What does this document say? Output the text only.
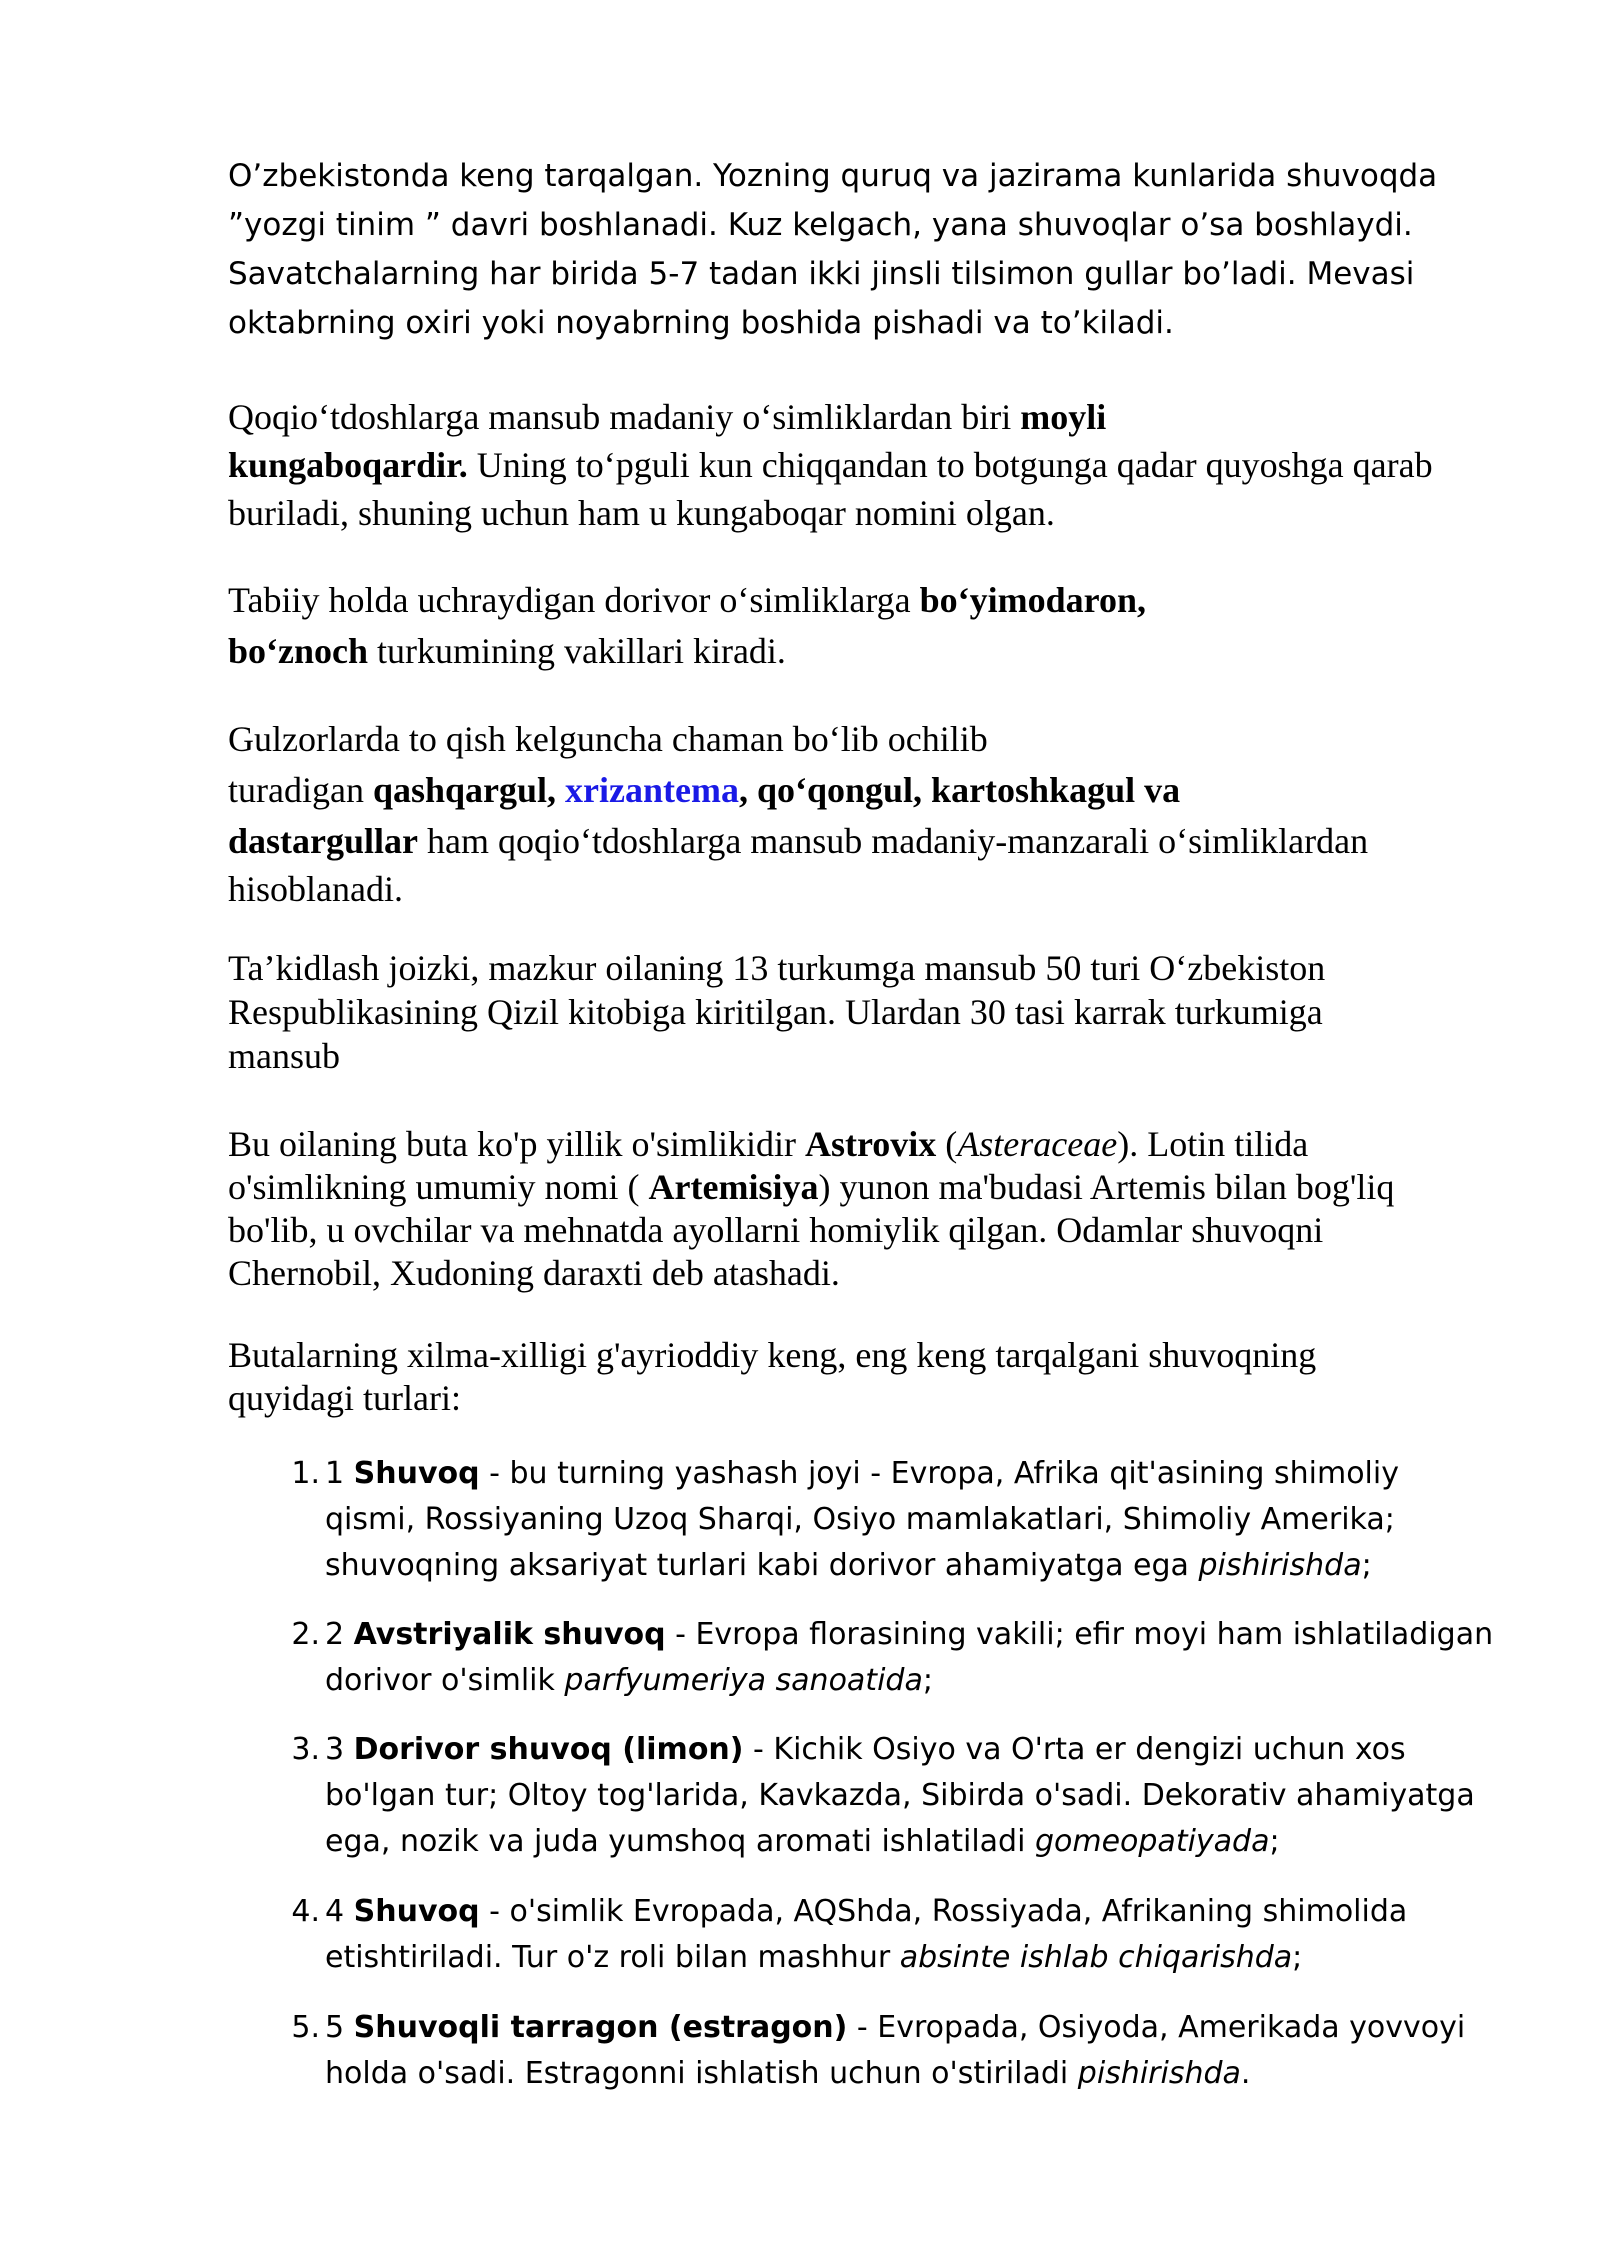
O’zbekistonda keng tarqalgan. Yozning quruq va jazirama kunlarida shuvoqda
”yozgi tinim ” davri boshlanadi. Kuz kelgach, yana shuvoqlar o’sa boshlaydi.
Savatchalarning har birida 5-7 tadan ikki jinsli tilsimon gullar bo’ladi. Mevasi
oktabrning oxiri yoki noyabrning boshida pishadi va to’kiladi.
Qoqioʻtdoshlarga mansub madaniy oʻsimliklardan biri moyli
kungaboqardir. Uning toʻpguli kun chiqqandan to botgunga qadar quyoshga qarab
buriladi, shuning uchun ham u kungaboqar nomini olgan.
Tabiiy holda uchraydigan dorivor oʻsimliklarga boʻyimodaron,
boʻznoch turkumining vakillari kiradi.
Gulzorlarda to qish kelguncha chaman boʻlib ochilib
turadigan qashqargul, xrizantema, qoʻqongul, kartoshkagul va
dastargullar ham qoqioʻtdoshlarga mansub madaniy-manzarali oʻsimliklardan
hisoblanadi.
Taʼkidlash joizki, mazkur oilaning 13 turkumga mansub 50 turi Oʻzbekiston
Respublikasining Qizil kitobiga kiritilgan. Ulardan 30 tasi karrak turkumiga
mansub
Bu oilaning buta ko'p yillik o'simlikidir Astrovix (Asteraceae). Lotin tilida
o'simlikning umumiy nomi ( Artemisiya) yunon ma'budasi Artemis bilan bog'liq
bo'lib, u ovchilar va mehnatda ayollarni homiylik qilgan. Odamlar shuvoqni
Chernobil, Xudoning daraxti deb atashadi.
Butalarning xilma-xilligi g'ayrioddiy keng, eng keng tarqalgani shuvoqning
quyidagi turlari:
1. 1 Shuvoq - bu turning yashash joyi - Evropa, Afrika qit'asining shimoliy
qismi, Rossiyaning Uzoq Sharqi, Osiyo mamlakatlari, Shimoliy Amerika;
shuvoqning aksariyat turlari kabi dorivor ahamiyatga ega pishirishda;
2. 2 Avstriyalik shuvoq - Evropa florasining vakili; efir moyi ham ishlatiladigan
dorivor o'simlik parfyumeriya sanoatida;
3. 3 Dorivor shuvoq (limon) - Kichik Osiyo va O'rta er dengizi uchun xos
bo'lgan tur; Oltoy tog'larida, Kavkazda, Sibirda o'sadi. Dekorativ ahamiyatga
ega, nozik va juda yumshoq aromati ishlatiladi gomeopatiyada;
4. 4 Shuvoq - o'simlik Evropada, AQShda, Rossiyada, Afrikaning shimolida
etishtiriladi. Tur o'z roli bilan mashhur absinte ishlab chiqarishda;
5. 5 Shuvoqli tarragon (estragon) - Evropada, Osiyoda, Amerikada yovvoyi
holda o'sadi. Estragonni ishlatish uchun o'stiriladi pishirishda.
